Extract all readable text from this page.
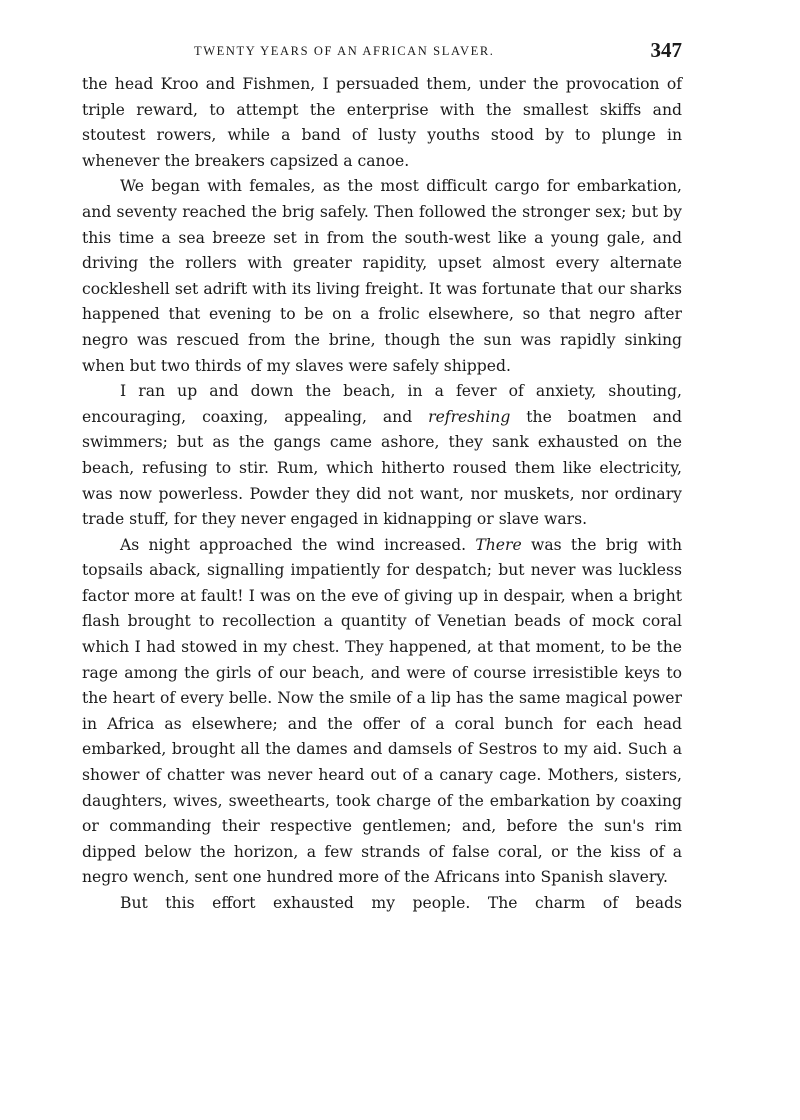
TWENTY YEARS OF AN AFRICAN SLAVER.	347

the head Kroo and Fishmen, I persuaded them, under the provocation of triple reward, to attempt the enterprise with the smallest skiffs and stoutest rowers, while a band of lusty youths stood by to plunge in whenever the breakers capsized a canoe.

We began with females, as the most difficult cargo for embarkation, and seventy reached the brig safely. Then followed the stronger sex; but by this time a sea breeze set in from the south-west like a young gale, and driving the rollers with greater rapidity, upset almost every alternate cockleshell set adrift with its living freight. It was fortunate that our sharks happened that evening to be on a frolic elsewhere, so that negro after negro was rescued from the brine, though the sun was rapidly sinking when but two thirds of my slaves were safely shipped.

I ran up and down the beach, in a fever of anxiety, shouting, encouraging, coaxing, appealing, and refreshing the boatmen and swimmers; but as the gangs came ashore, they sank exhausted on the beach, refusing to stir. Rum, which hitherto roused them like electricity, was now powerless. Powder they did not want, nor muskets, nor ordinary trade stuff, for they never engaged in kidnapping or slave wars.

As night approached the wind increased. There was the brig with topsails aback, signalling impatiently for despatch; but never was luckless factor more at fault! I was on the eve of giving up in despair, when a bright flash brought to recollection a quantity of Venetian beads of mock coral which I had stowed in my chest. They happened, at that moment, to be the rage among the girls of our beach, and were of course irresistible keys to the heart of every belle. Now the smile of a lip has the same magical power in Africa as elsewhere; and the offer of a coral bunch for each head embarked, brought all the dames and damsels of Sestros to my aid. Such a shower of chatter was never heard out of a canary cage. Mothers, sisters, daughters, wives, sweethearts, took charge of the embarkation by coaxing or commanding their respective gentlemen; and, before the sun's rim dipped below the horizon, a few strands of false coral, or the kiss of a negro wench, sent one hundred more of the Africans into Spanish slavery.

But this effort exhausted my people. The charm of beads
